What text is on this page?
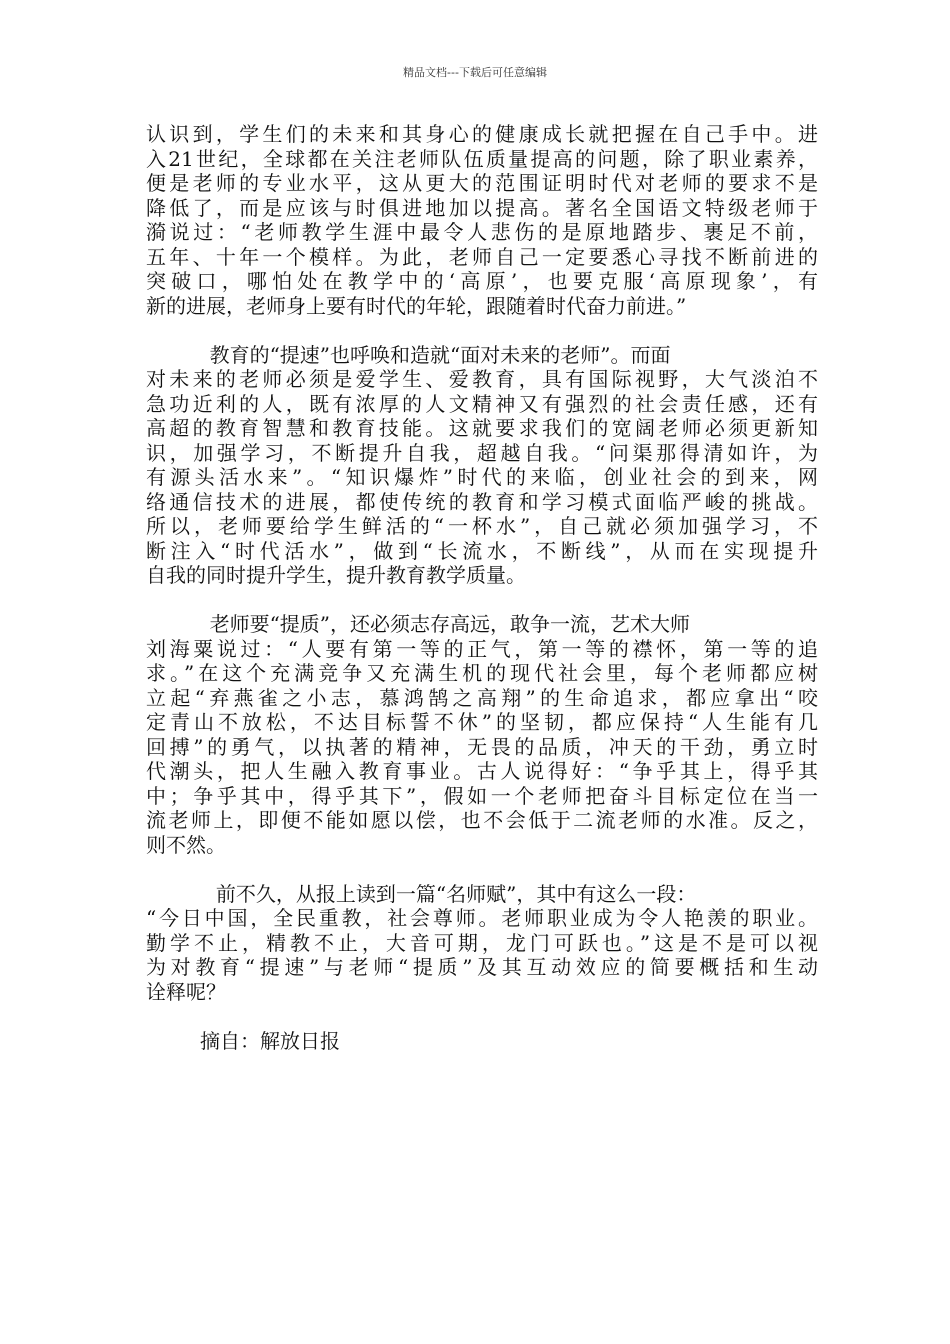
精品文档---下载后可任意编辑
认识到，学生们的未来和其身心的健康成长就把握在自己手中。进
入21世纪，全球都在关注老师队伍质量提高的问题，除了职业素养，
便是老师的专业水平，这从更大的范围证明时代对老师的要求不是
降低了，而是应该与时俱进地加以提高。著名全国语文特级老师于
漪说过：“老师教学生涯中最令人悲伤的是原地踏步、裹足不前，
五年、十年一个模样。为此，老师自己一定要悉心寻找不断前进的
突破口，哪怕处在教学中的‘高原’，也要克服‘高原现象’，有
新的进展，老师身上要有时代的年轮，跟随着时代奋力前进。”
教育的“提速”也呼唤和造就“面对未来的老师”。而面
对未来的老师必须是爱学生、爱教育，具有国际视野，大气淡泊不
急功近利的人，既有浓厚的人文精神又有强烈的社会责任感，还有
高超的教育智慧和教育技能。这就要求我们的宽阔老师必须更新知
识，加强学习，不断提升自我，超越自我。“问渠那得清如许，为
有源头活水来”。“知识爆炸”时代的来临，创业社会的到来，网
络通信技术的进展，都使传统的教育和学习模式面临严峻的挑战。
所以，老师要给学生鲜活的“一杯水”，自己就必须加强学习，不
断注入“时代活水”，做到“长流水，不断线”，从而在实现提升
自我的同时提升学生，提升教育教学质量。
老师要“提质”，还必须志存高远，敢争一流，艺术大师
刘海粟说过：“人要有第一等的正气，第一等的襟怀，第一等的追
求。”在这个充满竞争又充满生机的现代社会里，每个老师都应树
立起“弃燕雀之小志，慕鸿鹄之高翔”的生命追求，都应拿出“咬
定青山不放松，不达目标誓不休”的坚韧，都应保持“人生能有几
回搏”的勇气，以执著的精神，无畏的品质，冲天的干劲，勇立时
代潮头，把人生融入教育事业。古人说得好：“争乎其上，得乎其
中；争乎其中，得乎其下”，假如一个老师把奋斗目标定位在当一
流老师上，即便不能如愿以偿，也不会低于二流老师的水准。反之，
则不然。
前不久，从报上读到一篇“名师赋”，其中有这么一段：
“今日中国，全民重教，社会尊师。老师职业成为令人艳羡的职业。
勤学不止，精教不止，大音可期，龙门可跃也。”这是不是可以视
为对教育“提速”与老师“提质”及其互动效应的简要概括和生动
诠释呢？
摘自：解放日报
